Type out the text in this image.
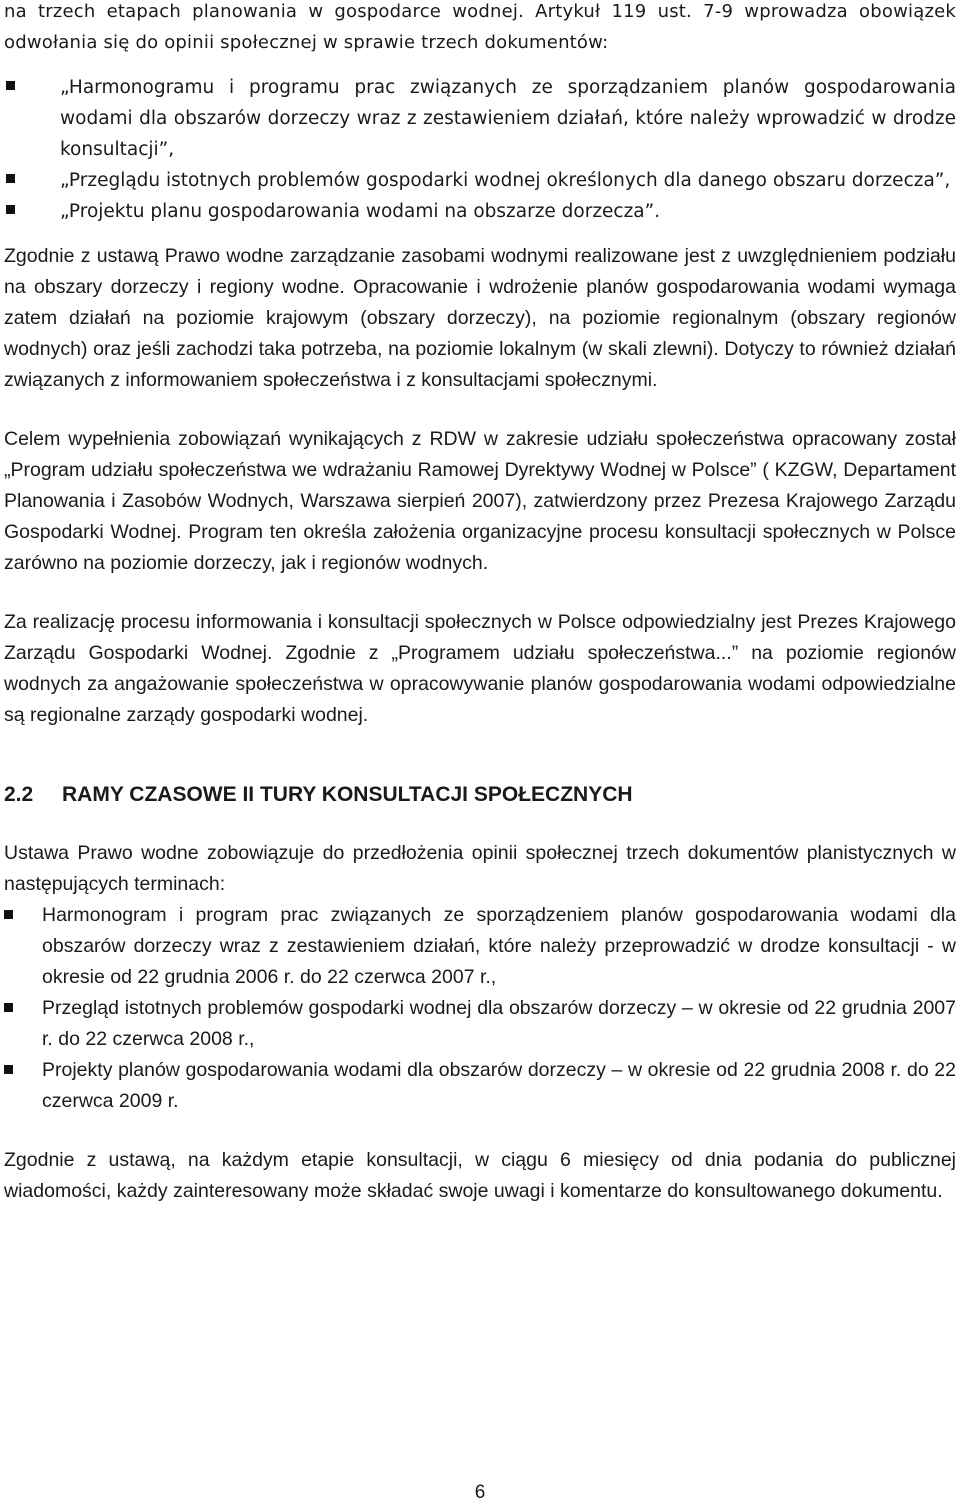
na trzech etapach planowania w gospodarce wodnej. Artykuł 119 ust. 7-9 wprowadza obowiązek odwołania się do opinii społecznej w sprawie trzech dokumentów:

„Harmonogramu i programu prac związanych ze sporządzaniem planów gospodarowania wodami dla obszarów dorzeczy wraz z zestawieniem działań, które należy wprowadzić w drodze konsultacji”,
„Przeglądu istotnych problemów gospodarki wodnej określonych dla danego obszaru dorzecza”,
„Projektu planu gospodarowania wodami na obszarze dorzecza”.

Zgodnie z ustawą Prawo wodne zarządzanie zasobami wodnymi realizowane jest z uwzględnieniem podziału na obszary dorzeczy i regiony wodne. Opracowanie i wdrożenie planów gospodarowania wodami wymaga zatem działań na poziomie krajowym (obszary dorzeczy), na poziomie regionalnym (obszary regionów wodnych) oraz jeśli zachodzi taka potrzeba, na poziomie lokalnym (w skali zlewni). Dotyczy to również działań związanych z informowaniem społeczeństwa i z konsultacjami społecznymi.

Celem wypełnienia zobowiązań wynikających z RDW w zakresie udziału społeczeństwa opracowany został „Program udziału społeczeństwa we wdrażaniu Ramowej Dyrektywy Wodnej w Polsce” ( KZGW, Departament Planowania i Zasobów Wodnych, Warszawa sierpień 2007), zatwierdzony przez Prezesa Krajowego Zarządu Gospodarki Wodnej. Program ten określa założenia organizacyjne procesu konsultacji społecznych w Polsce zarówno na poziomie dorzeczy, jak i regionów wodnych.

Za realizację procesu informowania i konsultacji społecznych w Polsce odpowiedzialny jest Prezes Krajowego Zarządu Gospodarki Wodnej. Zgodnie z „Programem udziału społeczeństwa...” na poziomie regionów wodnych za angażowanie społeczeństwa w opracowywanie planów gospodarowania wodami odpowiedzialne są regionalne zarządy gospodarki wodnej.

2.2	RAMY CZASOWE II TURY KONSULTACJI SPOŁECZNYCH

Ustawa Prawo wodne zobowiązuje do przedłożenia opinii społecznej trzech dokumentów planistycznych w następujących terminach:

Harmonogram i program prac związanych ze sporządzeniem planów gospodarowania wodami dla obszarów dorzeczy wraz z zestawieniem działań, które należy przeprowadzić w drodze konsultacji - w okresie od 22 grudnia 2006 r. do 22 czerwca 2007 r.,
Przegląd istotnych problemów gospodarki wodnej dla obszarów dorzeczy – w okresie od 22 grudnia 2007 r. do 22 czerwca 2008 r.,
Projekty planów gospodarowania wodami dla obszarów dorzeczy – w okresie od 22 grudnia 2008 r. do 22 czerwca 2009 r.

Zgodnie z ustawą, na każdym etapie konsultacji, w ciągu 6 miesięcy od dnia podania do publicznej wiadomości, każdy zainteresowany może składać swoje uwagi i komentarze do konsultowanego dokumentu.

6
